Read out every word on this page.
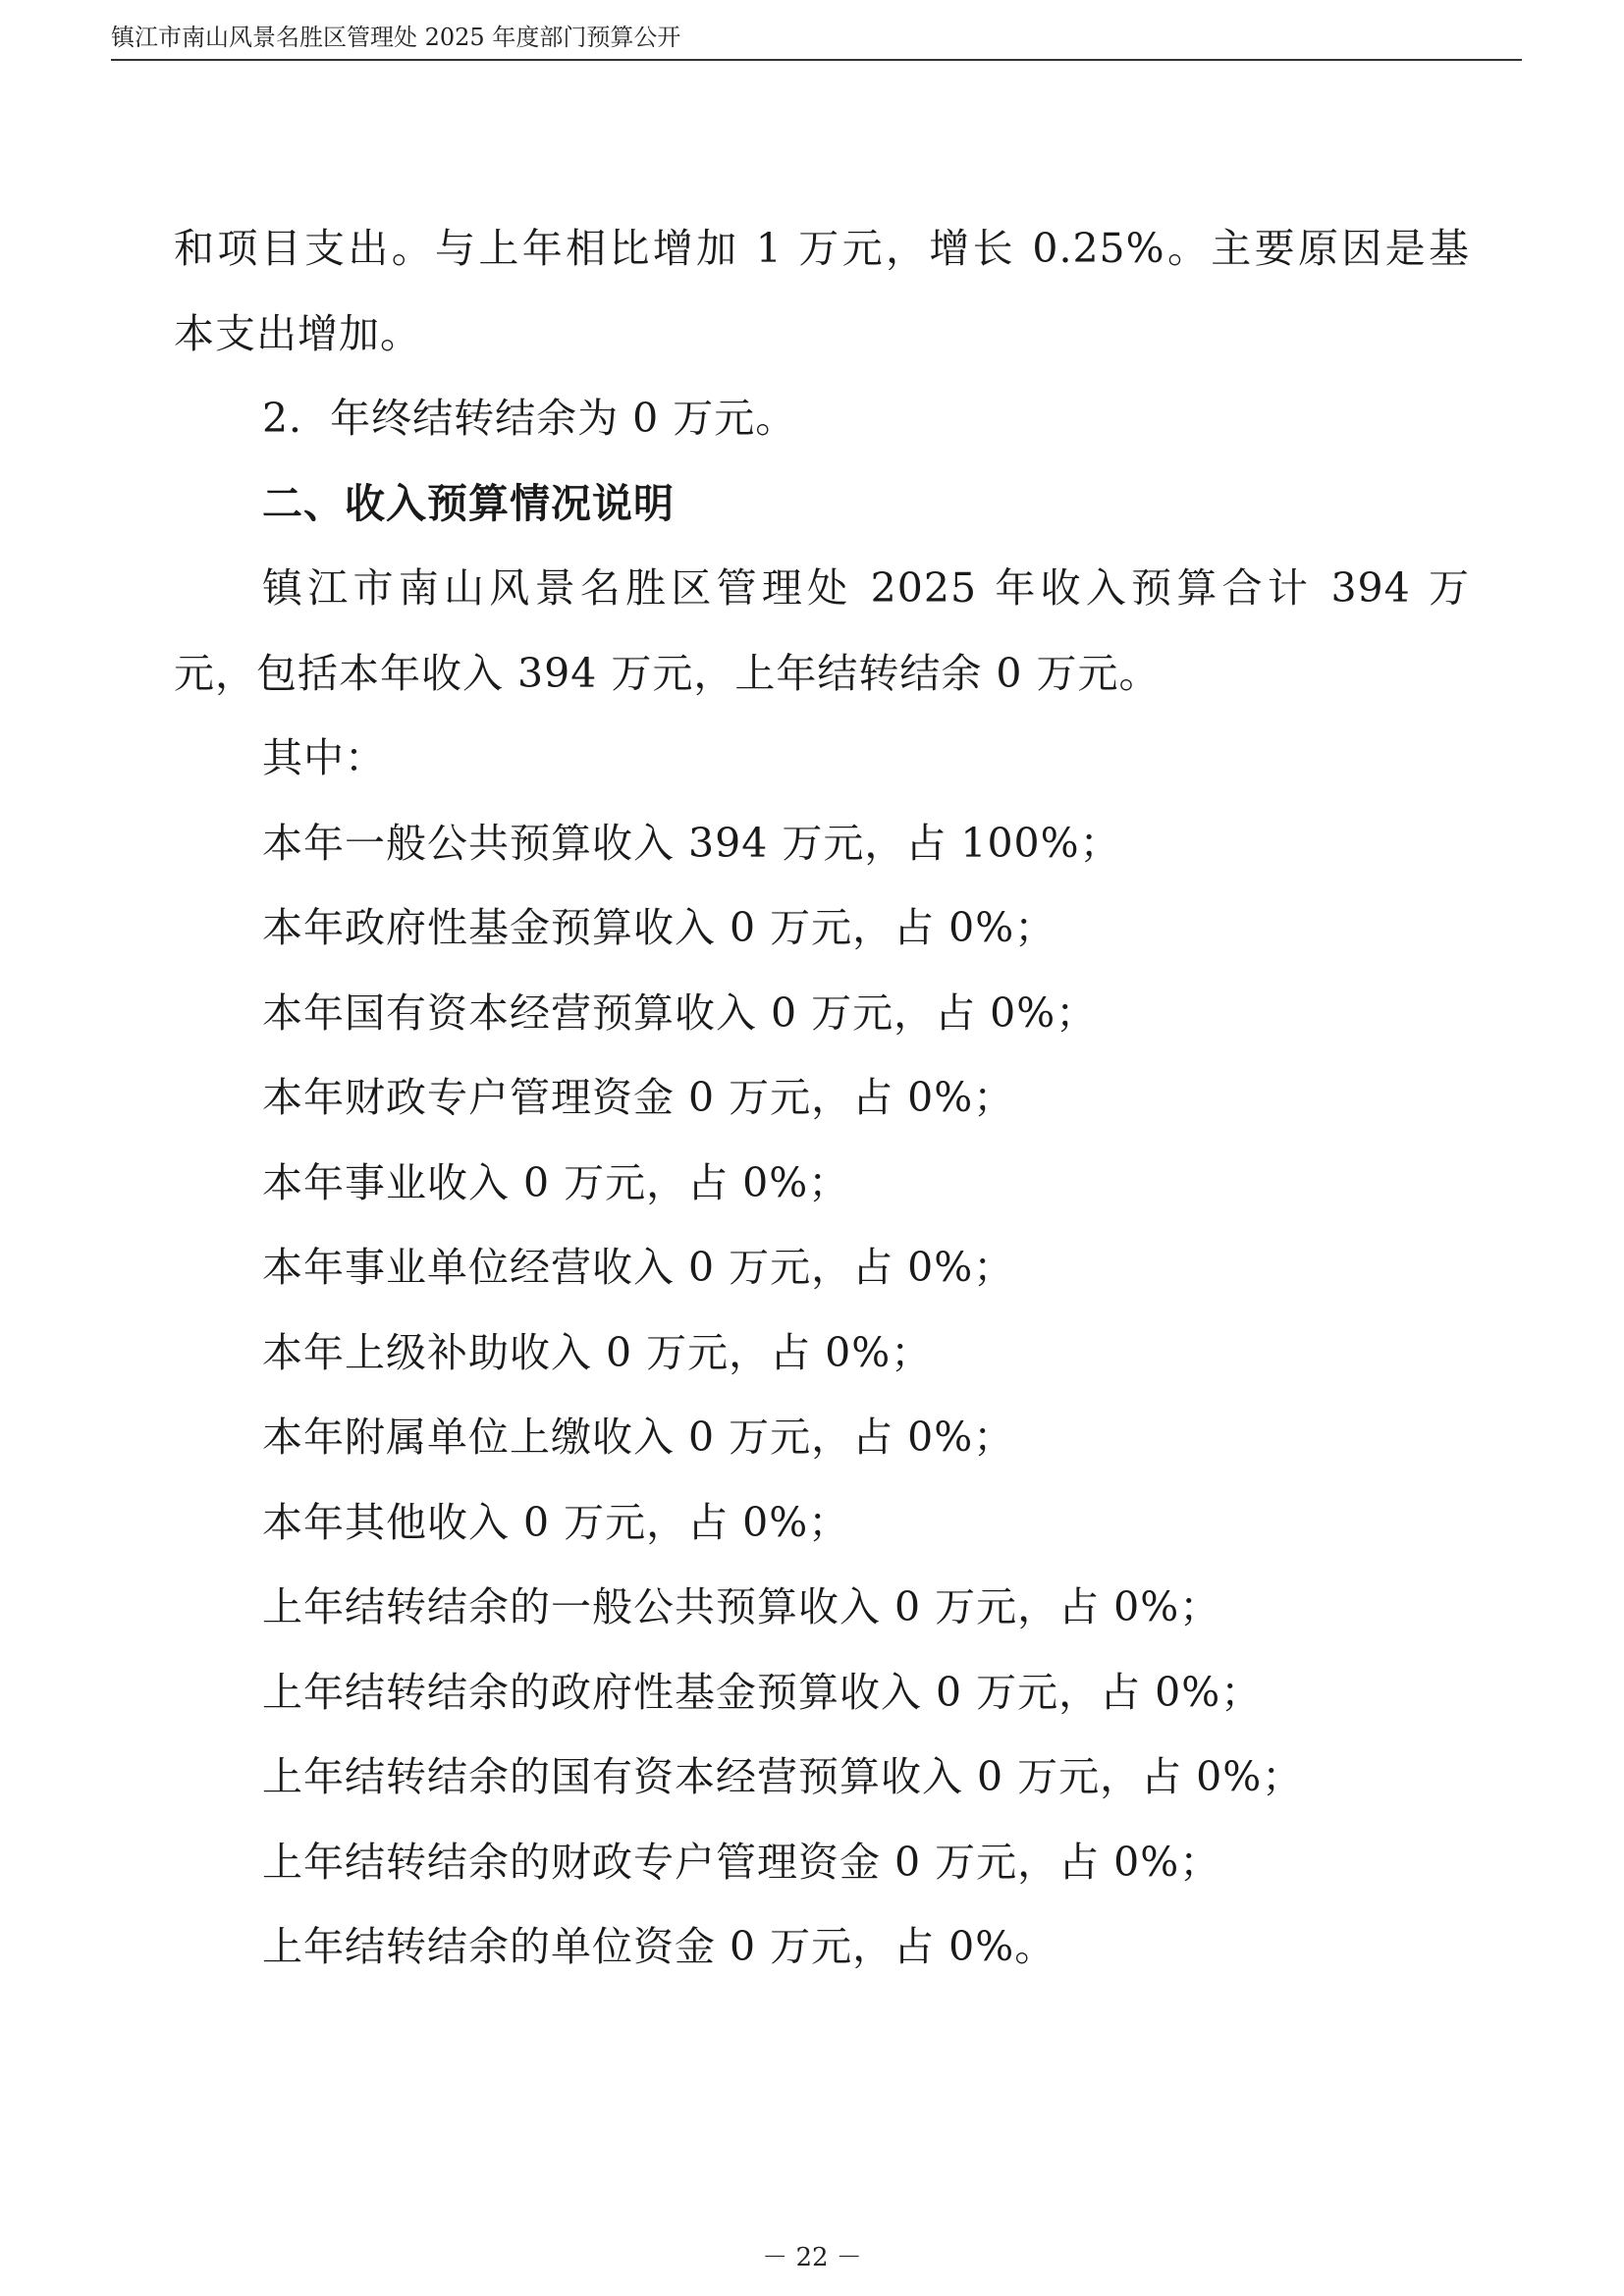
镇江市南山风景名胜区管理处 2025 年度部门预算公开
和项目支出。与上年相比增加 1 万元，增长 0.25%。主要原因是基
本支出增加。
2．年终结转结余为 0 万元。
二、收入预算情况说明
镇江市南山风景名胜区管理处 2025 年收入预算合计 394 万
元，包括本年收入 394 万元，上年结转结余 0 万元。
其中：
本年一般公共预算收入 394 万元，占 100%；
本年政府性基金预算收入 0 万元，占 0%；
本年国有资本经营预算收入 0 万元，占 0%；
本年财政专户管理资金 0 万元，占 0%；
本年事业收入 0 万元，占 0%；
本年事业单位经营收入 0 万元，占 0%；
本年上级补助收入 0 万元，占 0%；
本年附属单位上缴收入 0 万元，占 0%；
本年其他收入 0 万元，占 0%；
上年结转结余的一般公共预算收入 0 万元，占 0%；
上年结转结余的政府性基金预算收入 0 万元，占 0%；
上年结转结余的国有资本经营预算收入 0 万元，占 0%；
上年结转结余的财政专户管理资金 0 万元，占 0%；
上年结转结余的单位资金 0 万元，占 0%。
－ 22 －
